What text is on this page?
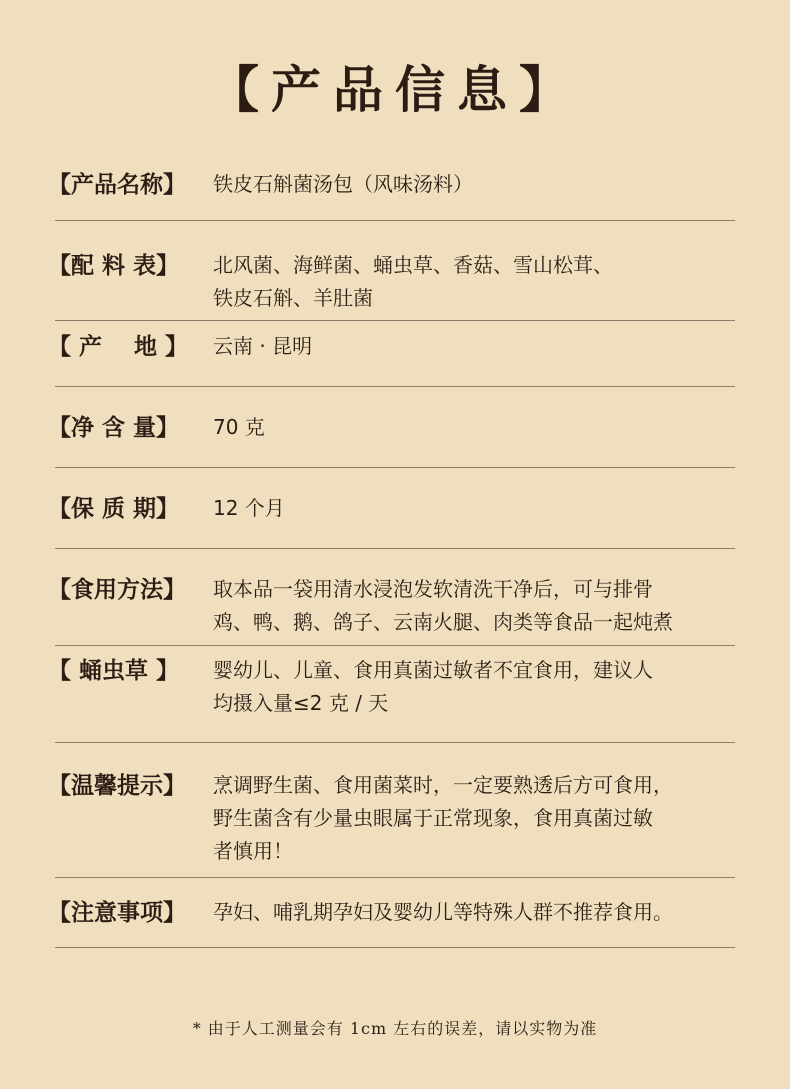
【产品信息】
【产品名称】	铁皮石斛菌汤包（风味汤料）
【配 料 表】	北风菌、海鲜菌、蛹虫草、香菇、雪山松茸、
铁皮石斛、羊肚菌
【 产    地 】	云南 · 昆明
【净 含 量】	70 克
【保 质 期】	12 个月
【食用方法】	取本品一袋用清水浸泡发软清洗干净后，可与排骨
鸡、鸭、鹅、鸽子、云南火腿、肉类等食品一起炖煮
【 蛹虫草 】	婴幼儿、儿童、食用真菌过敏者不宜食用，建议人
均摄入量≤2 克 / 天
【温馨提示】	烹调野生菌、食用菌菜时，一定要熟透后方可食用，
野生菌含有少量虫眼属于正常现象，食用真菌过敏
者慎用！
【注意事项】	孕妇、哺乳期孕妇及婴幼儿等特殊人群不推荐食用。
* 由于人工测量会有 1cm 左右的误差，请以实物为准
